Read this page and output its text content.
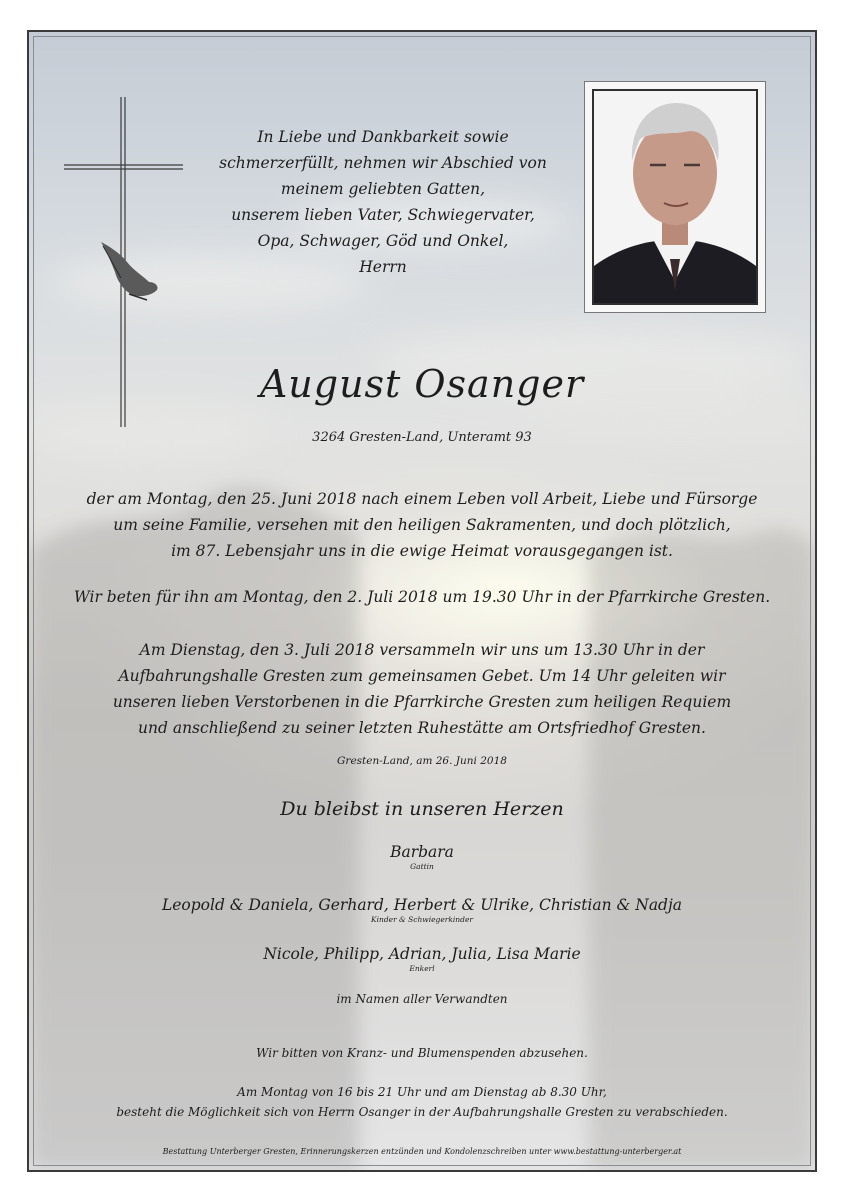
In Liebe und Dankbarkeit sowie
schmerzerfüllt, nehmen wir Abschied von
meinem geliebten Gatten,
unserem lieben Vater, Schwiegervater,
Opa, Schwager, Göd und Onkel,
Herrn
August Osanger
3264 Gresten-Land, Unteramt 93
der am Montag, den 25. Juni 2018 nach einem Leben voll Arbeit, Liebe und Fürsorge
um seine Familie, versehen mit den heiligen Sakramenten, und doch plötzlich,
im 87. Lebensjahr uns in die ewige Heimat vorausgegangen ist.
Wir beten für ihn am Montag, den 2. Juli 2018 um 19.30 Uhr in der Pfarrkirche Gresten.
Am Dienstag, den 3. Juli 2018 versammeln wir uns um 13.30 Uhr in der
Aufbahrungshalle Gresten zum gemeinsamen Gebet. Um 14 Uhr geleiten wir
unseren lieben Verstorbenen in die Pfarrkirche Gresten zum heiligen Requiem
und anschließend zu seiner letzten Ruhestätte am Ortsfriedhof Gresten.
Gresten-Land, am 26. Juni 2018
Du bleibst in unseren Herzen
Barbara
Gattin
Leopold & Daniela, Gerhard, Herbert & Ulrike, Christian & Nadja
Kinder & Schwiegerkinder
Nicole, Philipp, Adrian, Julia, Lisa Marie
Enkerl
im Namen aller Verwandten
Wir bitten von Kranz- und Blumenspenden abzusehen.
Am Montag von 16 bis 21 Uhr und am Dienstag ab 8.30 Uhr,
besteht die Möglichkeit sich von Herrn Osanger in der Aufbahrungshalle Gresten zu verabschieden.
Bestattung Unterberger Gresten, Erinnerungskerzen entzünden und Kondolenzschreiben unter www.bestattung-unterberger.at
